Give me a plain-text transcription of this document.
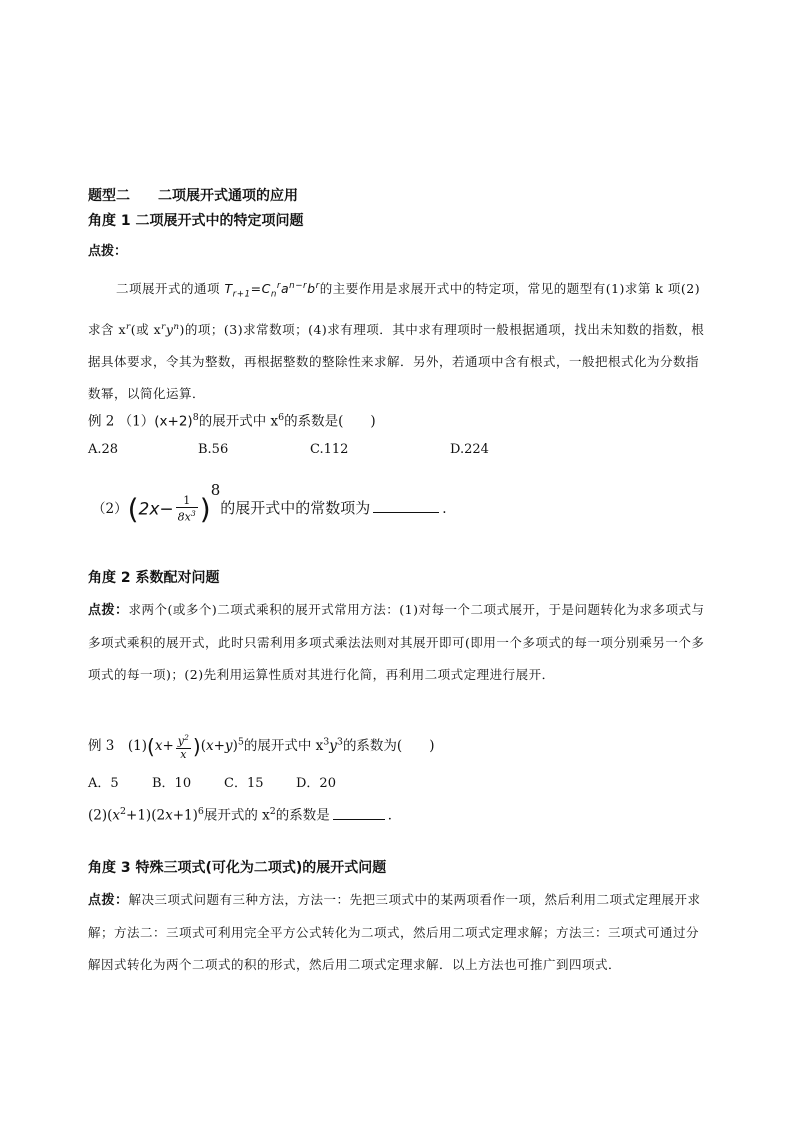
题型二　　二项展开式通项的应用
角度 1 二项展开式中的特定项问题
点拨：

二项展开式的通项 $T_{r+1}=C_n^ra^{n-r}b^r$的主要作用是求展开式中的特定项，常见的题型有(1)求第 k 项(2)求含 $x^r$(或 $x^ry^n$)的项；(3)求常数项；(4)求有理项．其中求有理项时一般根据通项，找出未知数的指数，根据具体要求，令其为整数，再根据整数的整除性来求解．另外，若通项中含有根式，一般把根式化为分数指数幂，以简化运算．

例 2 $(1)(x+2)^8$的展开式中 $x^6$的系数是(　　)
A.28	B.56	C.112	D.224
$(2)(2x- \frac{1}{8x^3} )^8$的展开式中的常数项为	.
角度 2 系数配对问题

点拨：求两个(或多个)二项式乘积的展开式常用方法：(1)对每一个二项式展开，于是问题转化为求多项式与多项式乘积的展开式，此时只需利用多项式乘法法则对其展开即可(即用一个多项式的每一项分别乘另一个多项式的每一项)；(2)先利用运算性质对其进行化简，再利用二项式定理进行展开．

例 3　$(1)(x+ \frac{y^2}{x} )(x+y)^5$的展开式中 $x^3y^3$的系数为(　　)
A．5	B．10	C．15	D．20
$(2)(x^2+1)(2x+1)^6$展开式的 $x^2$的系数是	．
角度 3 特殊三项式(可化为二项式)的展开式问题

点拨：解决三项式问题有三种方法，方法一：先把三项式中的某两项看作一项，然后利用二项式定理展开求解；方法二：三项式可利用完全平方公式转化为二项式，然后用二项式定理求解；方法三：三项式可通过分解因式转化为两个二项式的积的形式，然后用二项式定理求解．以上方法也可推广到四项式．
